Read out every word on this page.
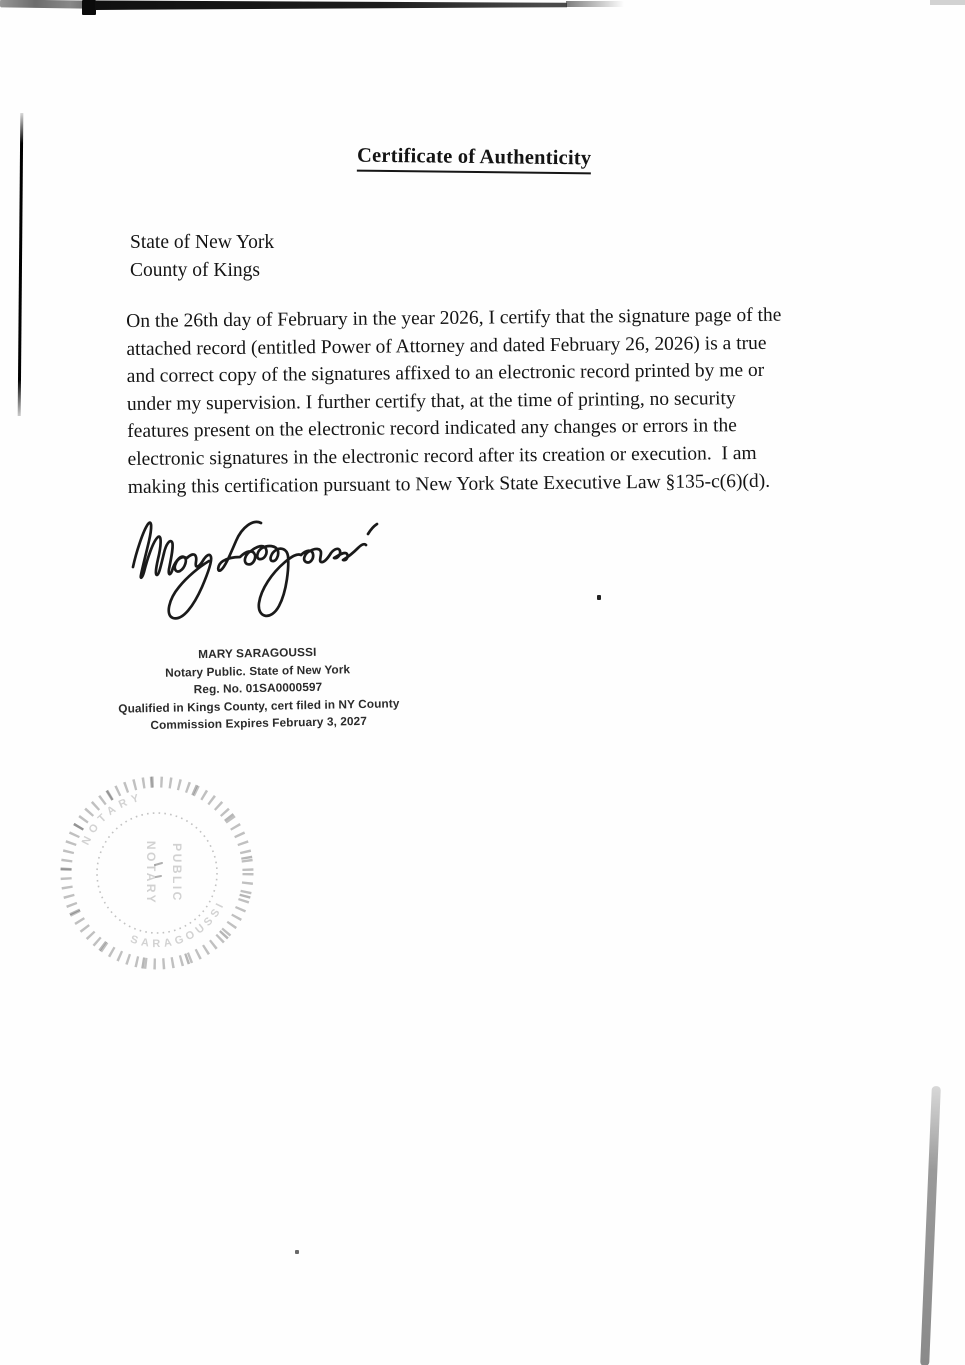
Certificate of Authenticity
State of New York
County of Kings
On the 26th day of February in the year 2026, I certify that the signature page of the
attached record (entitled Power of Attorney and dated February 26, 2026) is a true
and correct copy of the signatures affixed to an electronic record printed by me or
under my supervision. I further certify that, at the time of printing, no security
features present on the electronic record indicated any changes or errors in the
electronic signatures in the electronic record after its creation or execution.  I am
making this certification pursuant to New York State Executive Law §135-c(6)(d).
MARY SARAGOUSSI
Notary Public. State of New York
Reg. No. 01SA0000597
Qualified in Kings County, cert filed in NY County
Commission Expires February 3, 2027
NOTARY
SARAGOUSSI
NOTARY PUBLIC
